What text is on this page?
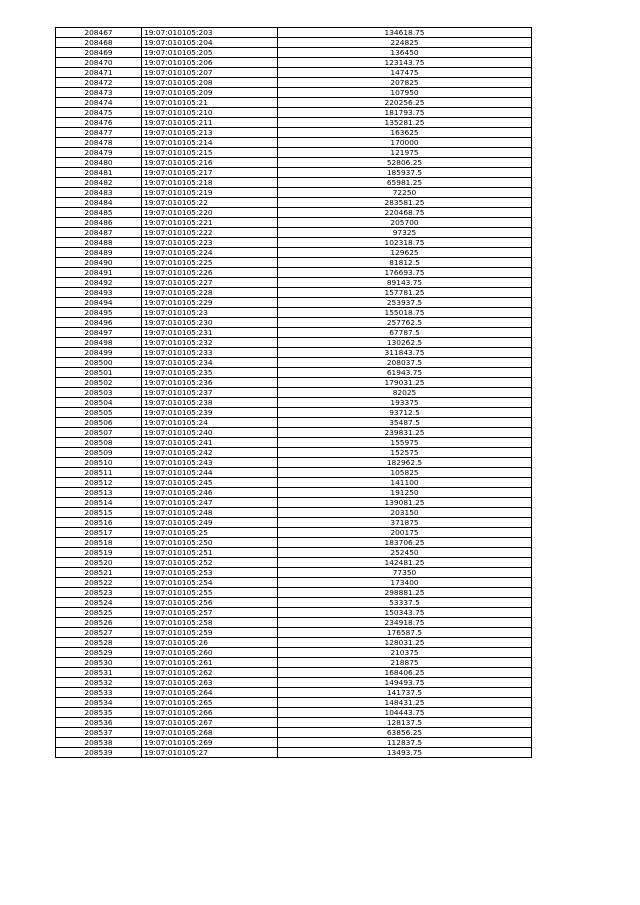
208467	19:07:010105:203	134618.75
208468	19:07:010105:204	224825
208469	19:07:010105:205	136450
208470	19:07:010105:206	123143.75
208471	19:07:010105:207	147475
208472	19:07:010105:208	207825
208473	19:07:010105:209	107950
208474	19:07:010105:21	220256.25
208475	19:07:010105:210	181793.75
208476	19:07:010105:211	135281.25
208477	19:07:010105:213	163625
208478	19:07:010105:214	170000
208479	19:07:010105:215	121975
208480	19:07:010105:216	52806.25
208481	19:07:010105:217	185937.5
208482	19:07:010105:218	65981.25
208483	19:07:010105:219	72250
208484	19:07:010105:22	283581.25
208485	19:07:010105:220	220468.75
208486	19:07:010105:221	205700
208487	19:07:010105:222	97325
208488	19:07:010105:223	102318.75
208489	19:07:010105:224	129625
208490	19:07:010105:225	81812.5
208491	19:07:010105:226	176693.75
208492	19:07:010105:227	89143.75
208493	19:07:010105:228	157781.25
208494	19:07:010105:229	253937.5
208495	19:07:010105:23	155018.75
208496	19:07:010105:230	257762.5
208497	19:07:010105:231	67787.5
208498	19:07:010105:232	130262.5
208499	19:07:010105:233	311843.75
208500	19:07:010105:234	208037.5
208501	19:07:010105:235	61943.75
208502	19:07:010105:236	179031.25
208503	19:07:010105:237	82025
208504	19:07:010105:238	193375
208505	19:07:010105:239	93712.5
208506	19:07:010105:24	35487.5
208507	19:07:010105:240	239831.25
208508	19:07:010105:241	155975
208509	19:07:010105:242	152575
208510	19:07:010105:243	182962.5
208511	19:07:010105:244	105825
208512	19:07:010105:245	141100
208513	19:07:010105:246	191250
208514	19:07:010105:247	139081.25
208515	19:07:010105:248	203150
208516	19:07:010105:249	371875
208517	19:07:010105:25	200175
208518	19:07:010105:250	183706.25
208519	19:07:010105:251	252450
208520	19:07:010105:252	142481.25
208521	19:07:010105:253	77350
208522	19:07:010105:254	173400
208523	19:07:010105:255	298881.25
208524	19:07:010105:256	53337.5
208525	19:07:010105:257	150343.75
208526	19:07:010105:258	234918.75
208527	19:07:010105:259	176587.5
208528	19:07:010105:26	128031.25
208529	19:07:010105:260	210375
208530	19:07:010105:261	218875
208531	19:07:010105:262	168406.25
208532	19:07:010105:263	149493.75
208533	19:07:010105:264	141737.5
208534	19:07:010105:265	148431.25
208535	19:07:010105:266	104443.75
208536	19:07:010105:267	128137.5
208537	19:07:010105:268	63856.25
208538	19:07:010105:269	112837.5
208539	19:07:010105:27	13493.75
